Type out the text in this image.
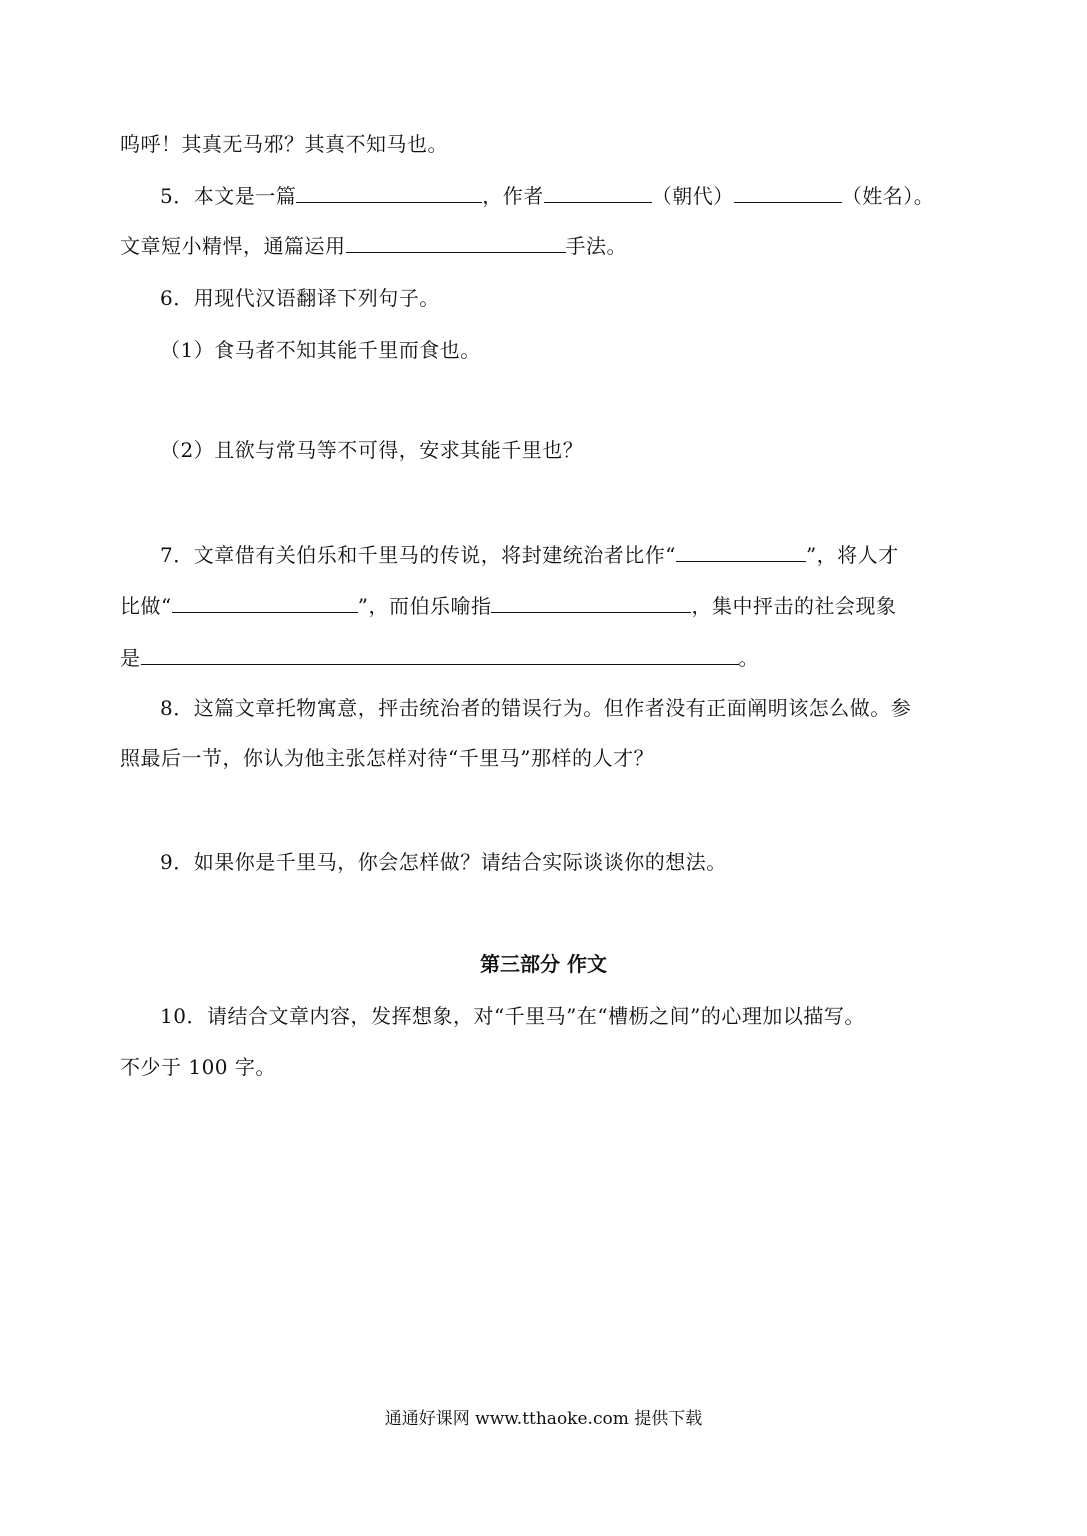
呜呼！其真无马邪？其真不知马也。
5．本文是一篇	，作者	（朝代）	（姓名）。
文章短小精悍，通篇运用	手法。
6．用现代汉语翻译下列句子。
（1）食马者不知其能千里而食也。
（2）且欲与常马等不可得，安求其能千里也？
7．文章借有关伯乐和千里马的传说，将封建统治者比作“	”，将人才
比做“	”，而伯乐喻指	，集中抨击的社会现象
是	。
8．这篇文章托物寓意，抨击统治者的错误行为。但作者没有正面阐明该怎么做。参
照最后一节，你认为他主张怎样对待“千里马”那样的人才？
9．如果你是千里马，你会怎样做？请结合实际谈谈你的想法。
第三部分 作文
10．请结合文章内容，发挥想象，对“千里马”在“槽枥之间”的心理加以描写。
不少于 100 字。
通通好课网 www.tthaoke.com 提供下载
